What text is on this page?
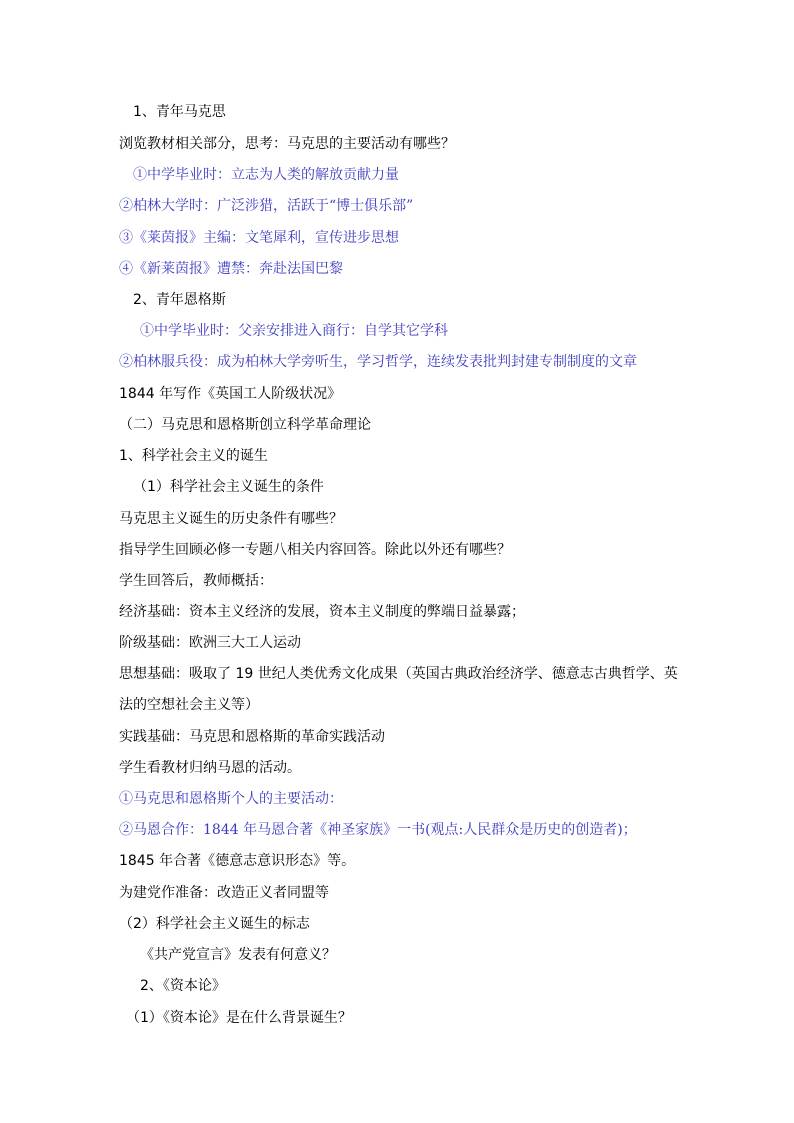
1、青年马克思
浏览教材相关部分，思考：马克思的主要活动有哪些？
①中学毕业时：立志为人类的解放贡献力量
②柏林大学时：广泛涉猎，活跃于“博士俱乐部”
③《莱茵报》主编：文笔犀利，宣传进步思想
④《新莱茵报》遭禁：奔赴法国巴黎
2、青年恩格斯
①中学毕业时：父亲安排进入商行：自学其它学科
②柏林服兵役：成为柏林大学旁听生，学习哲学，连续发表批判封建专制制度的文章
1844 年写作《英国工人阶级状况》
（二）马克思和恩格斯创立科学革命理论
1、科学社会主义的诞生
（1）科学社会主义诞生的条件
马克思主义诞生的历史条件有哪些？
指导学生回顾必修一专题八相关内容回答。除此以外还有哪些？
学生回答后，教师概括：
经济基础：资本主义经济的发展，资本主义制度的弊端日益暴露；
阶级基础：欧洲三大工人运动
思想基础：吸取了 19 世纪人类优秀文化成果（英国古典政治经济学、德意志古典哲学、英
法的空想社会主义等）
实践基础：马克思和恩格斯的革命实践活动
学生看教材归纳马恩的活动。
①马克思和恩格斯个人的主要活动：
②马恩合作：1844 年马恩合著《神圣家族》一书(观点:人民群众是历史的创造者)；
1845 年合著《德意志意识形态》等。
为建党作准备：改造正义者同盟等
（2）科学社会主义诞生的标志
《共产党宣言》发表有何意义？
2、《资本论》
（1）《资本论》是在什么背景诞生？
